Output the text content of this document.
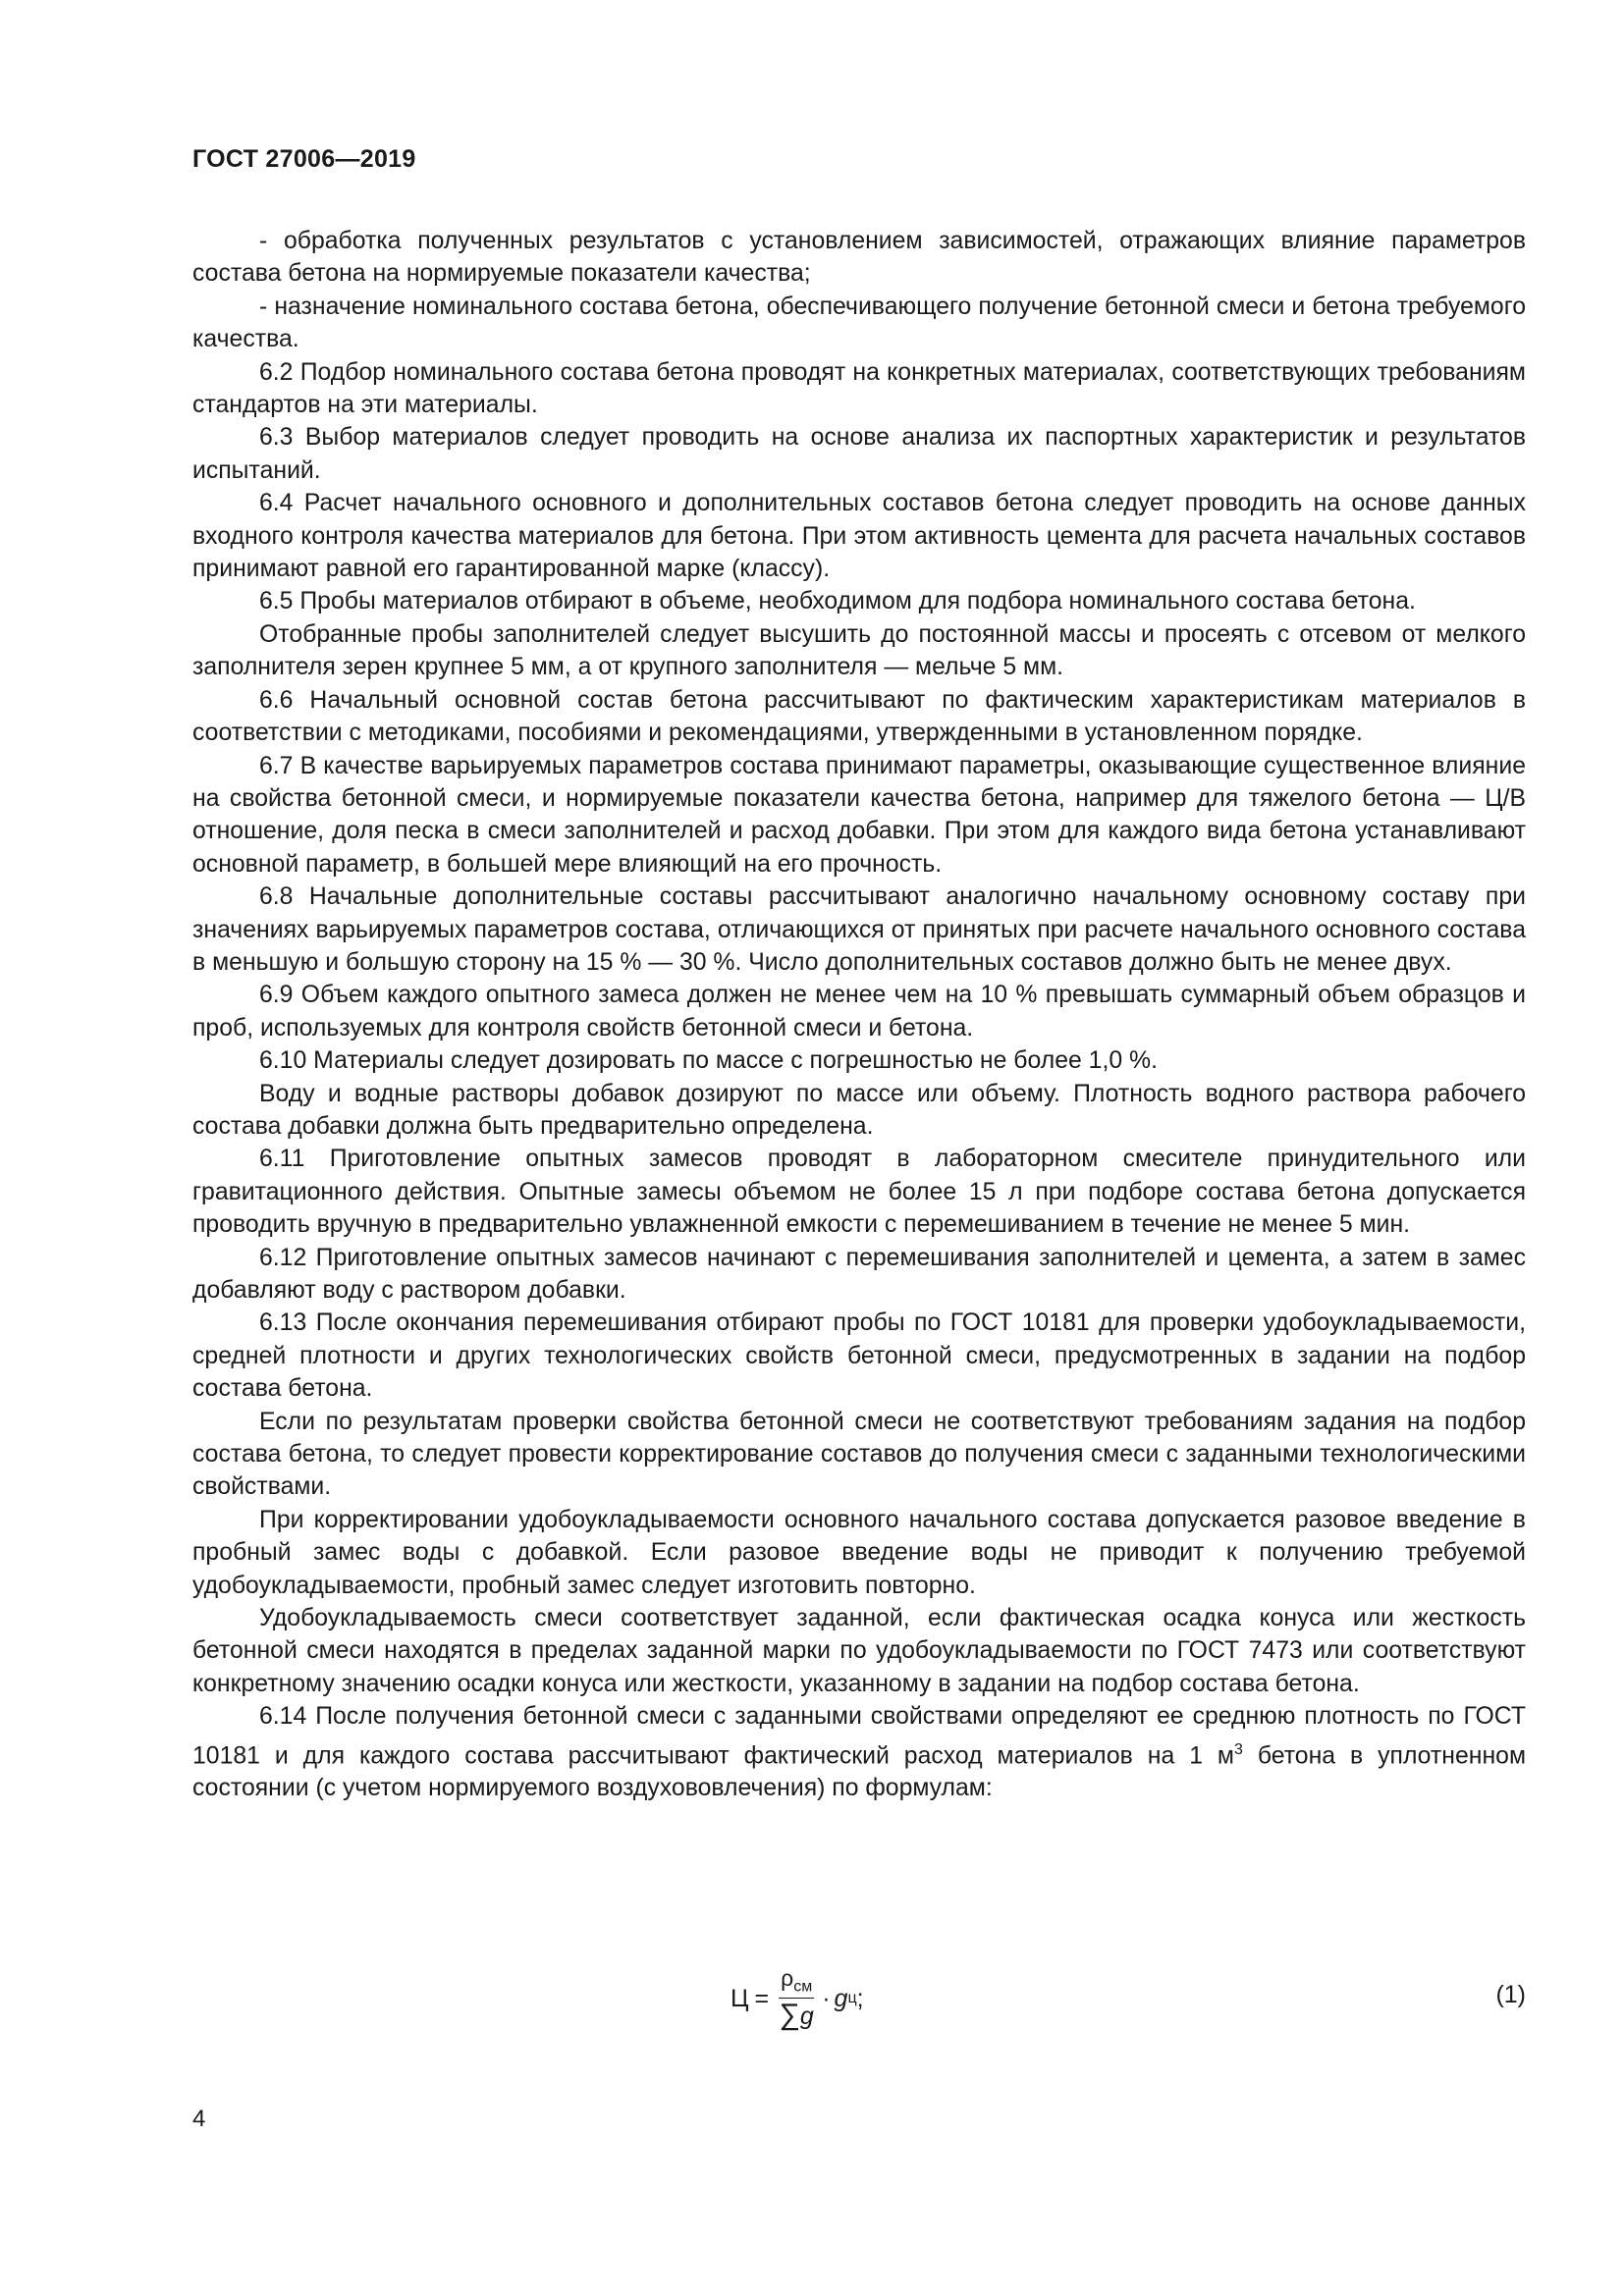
ГОСТ 27006—2019

- обработка полученных результатов с установлением зависимостей, отражающих влияние параметров состава бетона на нормируемые показатели качества;

- назначение номинального состава бетона, обеспечивающего получение бетонной смеси и бетона требуемого качества.

6.2 Подбор номинального состава бетона проводят на конкретных материалах, соответствующих требованиям стандартов на эти материалы.

6.3 Выбор материалов следует проводить на основе анализа их паспортных характеристик и результатов испытаний.

6.4 Расчет начального основного и дополнительных составов бетона следует проводить на основе данных входного контроля качества материалов для бетона. При этом активность цемента для расчета начальных составов принимают равной его гарантированной марке (классу).

6.5 Пробы материалов отбирают в объеме, необходимом для подбора номинального состава бетона.

Отобранные пробы заполнителей следует высушить до постоянной массы и просеять с отсевом от мелкого заполнителя зерен крупнее 5 мм, а от крупного заполнителя — мельче 5 мм.

6.6 Начальный основной состав бетона рассчитывают по фактическим характеристикам материалов в соответствии с методиками, пособиями и рекомендациями, утвержденными в установленном порядке.

6.7 В качестве варьируемых параметров состава принимают параметры, оказывающие существенное влияние на свойства бетонной смеси, и нормируемые показатели качества бетона, например для тяжелого бетона — Ц/В отношение, доля песка в смеси заполнителей и расход добавки. При этом для каждого вида бетона устанавливают основной параметр, в большей мере влияющий на его прочность.

6.8 Начальные дополнительные составы рассчитывают аналогично начальному основному составу при значениях варьируемых параметров состава, отличающихся от принятых при расчете начального основного состава в меньшую и большую сторону на 15 % — 30 %. Число дополнительных составов должно быть не менее двух.

6.9 Объем каждого опытного замеса должен не менее чем на 10 % превышать суммарный объем образцов и проб, используемых для контроля свойств бетонной смеси и бетона.

6.10 Материалы следует дозировать по массе с погрешностью не более 1,0 %.

Воду и водные растворы добавок дозируют по массе или объему. Плотность водного раствора рабочего состава добавки должна быть предварительно определена.

6.11 Приготовление опытных замесов проводят в лабораторном смесителе принудительного или гравитационного действия. Опытные замесы объемом не более 15 л при подборе состава бетона допускается проводить вручную в предварительно увлажненной емкости с перемешиванием в течение не менее 5 мин.

6.12 Приготовление опытных замесов начинают с перемешивания заполнителей и цемента, а затем в замес добавляют воду с раствором добавки.

6.13 После окончания перемешивания отбирают пробы по ГОСТ 10181 для проверки удобоукладываемости, средней плотности и других технологических свойств бетонной смеси, предусмотренных в задании на подбор состава бетона.

Если по результатам проверки свойства бетонной смеси не соответствуют требованиям задания на подбор состава бетона, то следует провести корректирование составов до получения смеси с заданными технологическими свойствами.

При корректировании удобоукладываемости основного начального состава допускается разовое введение в пробный замес воды с добавкой. Если разовое введение воды не приводит к получению требуемой удобоукладываемости, пробный замес следует изготовить повторно.

Удобоукладываемость смеси соответствует заданной, если фактическая осадка конуса или жесткость бетонной смеси находятся в пределах заданной марки по удобоукладываемости по ГОСТ 7473 или соответствуют конкретному значению осадки конуса или жесткости, указанному в задании на подбор состава бетона.

6.14 После получения бетонной смеси с заданными свойствами определяют ее среднюю плотность по ГОСТ 10181 и для каждого состава рассчитывают фактический расход материалов на 1 $м^3$ бетона в уплотненном состоянии (с учетом нормируемого воздухововлечения) по формулам:

$Ц = \frac{\rho_{см}}{\sum g} \cdot g$ ц ;	(1)
4
